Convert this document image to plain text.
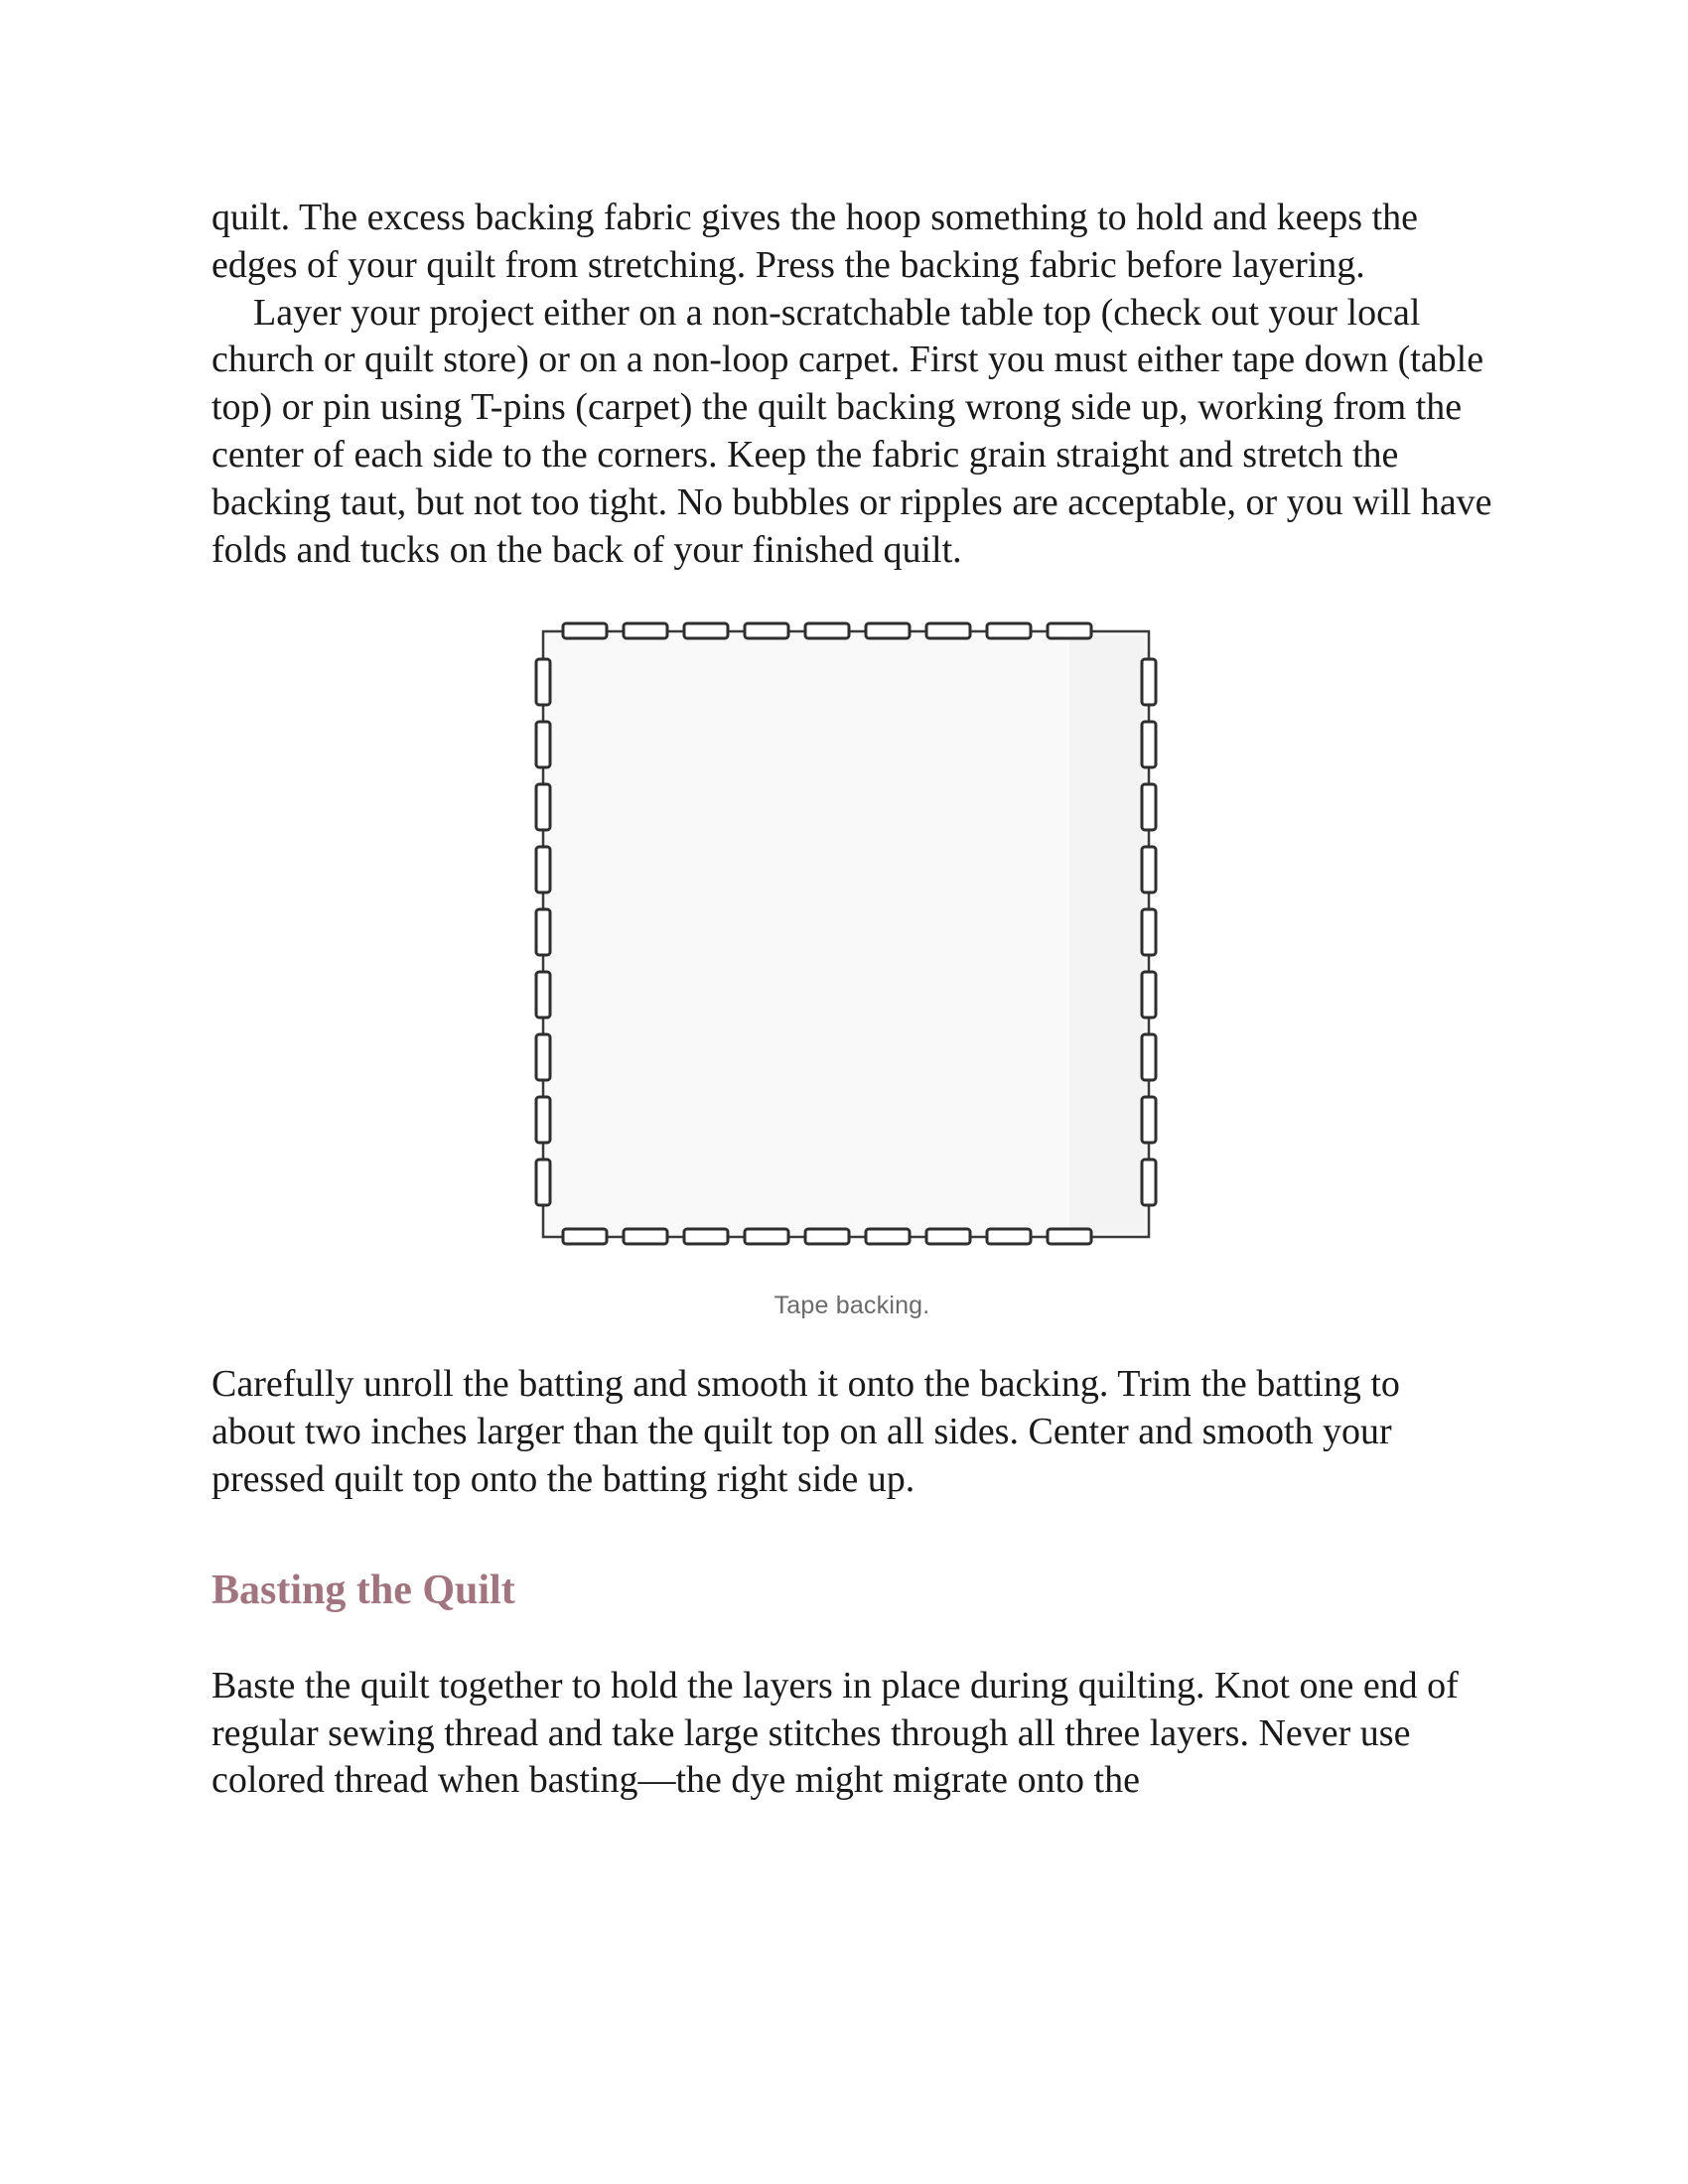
quilt. The excess backing fabric gives the hoop something to hold and keeps the edges of your quilt from stretching. Press the backing fabric before layering.

Layer your project either on a non-scratchable table top (check out your local church or quilt store) or on a non-loop carpet. First you must either tape down (table top) or pin using T-pins (carpet) the quilt backing wrong side up, working from the center of each side to the corners. Keep the fabric grain straight and stretch the backing taut, but not too tight. No bubbles or ripples are acceptable, or you will have folds and tucks on the back of your finished quilt.

Tape backing.

Carefully unroll the batting and smooth it onto the backing. Trim the batting to about two inches larger than the quilt top on all sides. Center and smooth your pressed quilt top onto the batting right side up.

Basting the Quilt

Baste the quilt together to hold the layers in place during quilting. Knot one end of regular sewing thread and take large stitches through all three layers. Never use colored thread when basting—the dye might migrate onto the
